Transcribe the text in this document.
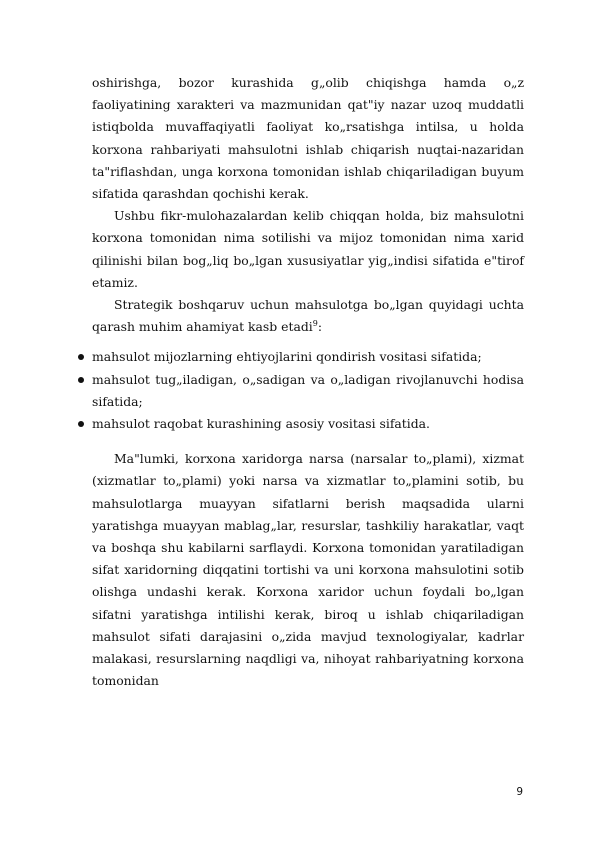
oshirishga, bozor kurashida g„olib chiqishga hamda o„z faoliyatining xarakteri va mazmunidan qat"iy nazar uzoq muddatli istiqbolda muvaffaqiyatli faoliyat ko„rsatishga intilsa, u holda korxona rahbariyati mahsulotni ishlab chiqarish nuqtai-nazaridan ta"riflashdan, unga korxona tomonidan ishlab chiqariladigan buyum sifatida qarashdan qochishi kerak.

Ushbu fikr-mulohazalardan kelib chiqqan holda, biz mahsulotni korxona tomonidan nima sotilishi va mijoz tomonidan nima xarid qilinishi bilan bog„liq bo„lgan xususiyatlar yig„indisi sifatida e"tirof etamiz.

Strategik boshqaruv uchun mahsulotga bo„lgan quyidagi uchta qarash muhim ahamiyat kasb etadi$^9$:

mahsulot mijozlarning ehtiyojlarini qondirish vositasi sifatida;
mahsulot tug„iladigan, o„sadigan va o„ladigan rivojlanuvchi hodisa sifatida;
mahsulot raqobat kurashining asosiy vositasi sifatida.

Ma"lumki, korxona xaridorga narsa (narsalar to„plami), xizmat (xizmatlar to„plami) yoki narsa va xizmatlar to„plamini sotib, bu mahsulotlarga muayyan sifatlarni berish maqsadida ularni yaratishga muayyan mablag„lar, resurslar, tashkiliy harakatlar, vaqt va boshqa shu kabilarni sarflaydi. Korxona tomonidan yaratiladigan sifat xaridorning diqqatini tortishi va uni korxona mahsulotini sotib olishga undashi kerak. Korxona xaridor uchun foydali bo„lgan sifatni yaratishga intilishi kerak, biroq u ishlab chiqariladigan mahsulot sifati darajasini o„zida mavjud texnologiyalar, kadrlar malakasi, resurslarning naqdligi va, nihoyat rahbariyatning korxona tomonidan

9
